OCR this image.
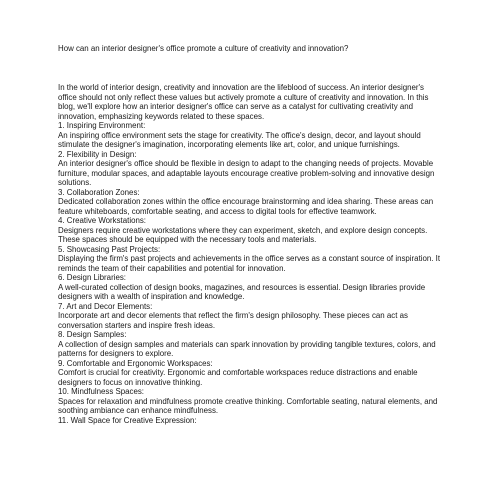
How can an interior designer's office promote a culture of creativity and innovation?

In the world of interior design, creativity and innovation are the lifeblood of success. An interior designer's office should not only reflect these values but actively promote a culture of creativity and innovation. In this blog, we'll explore how an interior designer's office can serve as a catalyst for cultivating creativity and innovation, emphasizing keywords related to these spaces.

1. Inspiring Environment:

An inspiring office environment sets the stage for creativity. The office's design, decor, and layout should stimulate the designer's imagination, incorporating elements like art, color, and unique furnishings.

2. Flexibility in Design:

An interior designer's office should be flexible in design to adapt to the changing needs of projects. Movable furniture, modular spaces, and adaptable layouts encourage creative problem-solving and innovative design solutions.

3. Collaboration Zones:

Dedicated collaboration zones within the office encourage brainstorming and idea sharing. These areas can feature whiteboards, comfortable seating, and access to digital tools for effective teamwork.

4. Creative Workstations:

Designers require creative workstations where they can experiment, sketch, and explore design concepts. These spaces should be equipped with the necessary tools and materials.

5. Showcasing Past Projects:

Displaying the firm's past projects and achievements in the office serves as a constant source of inspiration. It reminds the team of their capabilities and potential for innovation.

6. Design Libraries:

A well-curated collection of design books, magazines, and resources is essential. Design libraries provide designers with a wealth of inspiration and knowledge.

7. Art and Decor Elements:

Incorporate art and decor elements that reflect the firm's design philosophy. These pieces can act as conversation starters and inspire fresh ideas.

8. Design Samples:

A collection of design samples and materials can spark innovation by providing tangible textures, colors, and patterns for designers to explore.

9. Comfortable and Ergonomic Workspaces:

Comfort is crucial for creativity. Ergonomic and comfortable workspaces reduce distractions and enable designers to focus on innovative thinking.

10. Mindfulness Spaces:

Spaces for relaxation and mindfulness promote creative thinking. Comfortable seating, natural elements, and soothing ambiance can enhance mindfulness.

11. Wall Space for Creative Expression:
